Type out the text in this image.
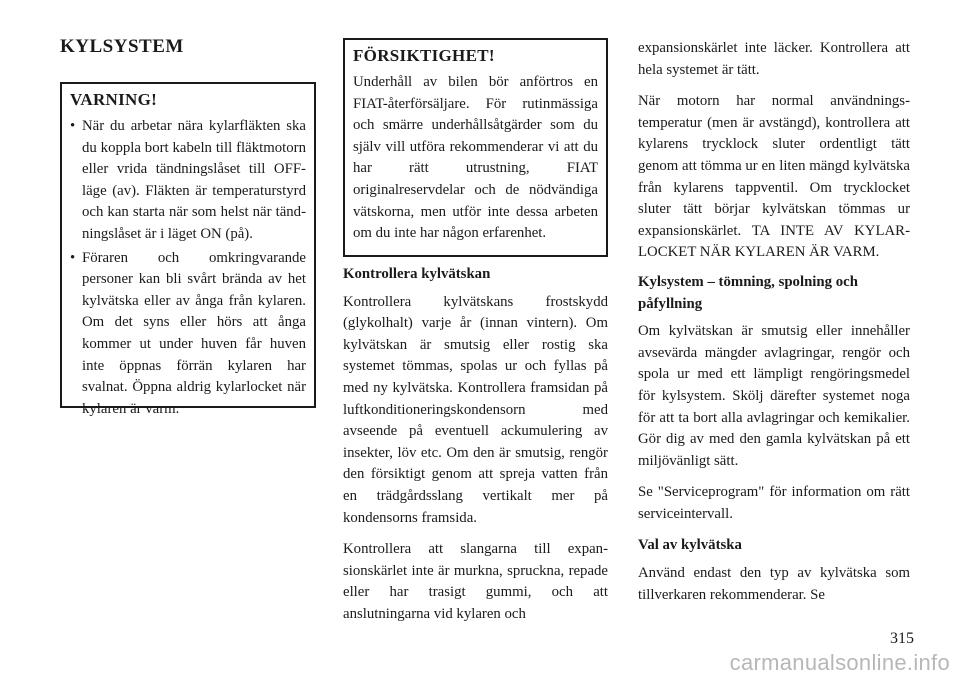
KYLSYSTEM
VARNING!
• När du arbetar nära kylarfläkten ska du koppla bort kabeln till fläktmotorn eller vrida tändningslåset till OFF-läge (av). Fläkten är temperaturstyrd och kan starta när som helst när tändningslåset är i läget ON (på).
• Föraren och omkringvarande personer kan bli svårt brända av het kylvätska eller av ånga från kylaren. Om det syns eller hörs att ånga kommer ut under huven får huven inte öppnas förrän kylaren har svalnat. Öppna aldrig kylarlocket när kylaren är varm.
FÖRSIKTIGHET!

Underhåll av bilen bör anförtros en FIAT-återförsäljare. För rutinmässiga och smärre underhållsåtgärder som du själv vill utföra rekommenderar vi att du har rätt utrustning, FIAT originalreservdelar och de nödvändiga vätskorna, men utför inte dessa arbeten om du inte har någon erfarenhet.

Kontrollera kylvätskan

Kontrollera kylvätskans frostskydd (glykolhalt) varje år (innan vintern). Om kylvätskan är smutsig eller rostig ska systemet tömmas, spolas ur och fyllas på med ny kylvätska. Kontrollera framsidan på luftkonditioneringskondensorn med avseende på eventuell ackumulering av insekter, löv etc. Om den är smutsig, rengör den försiktigt genom att spreja vatten från en trädgårdsslang vertikalt mer på kondensorns framsida.

Kontrollera att slangarna till expansionskärlet inte är murkna, spruckna, repade eller har trasigt gummi, och att anslutningarna vid kylaren och

expansionskärlet inte läcker. Kontrollera att hela systemet är tätt.

När motorn har normal användningstemperatur (men är avstängd), kontrollera att kylarens trycklock sluter ordentligt tätt genom att tömma ur en liten mängd kylvätska från kylarens tappventil. Om trycklocket sluter tätt börjar kylvätskan tömmas ur expansionskärlet. TA INTE AV KYLARLOCKET NÄR KYLAREN ÄR VARM.

Kylsystem – tömning, spolning och påfyllning

Om kylvätskan är smutsig eller innehåller avsevärda mängder avlagringar, rengör och spola ur med ett lämpligt rengöringsmedel för kylsystem. Skölj därefter systemet noga för att ta bort alla avlagringar och kemikalier. Gör dig av med den gamla kylvätskan på ett miljövänligt sätt.

Se "Serviceprogram" för information om rätt serviceintervall.

Val av kylvätska

Använd endast den typ av kylvätska som tillverkaren rekommenderar. Se

315
carmanualsonline.info
